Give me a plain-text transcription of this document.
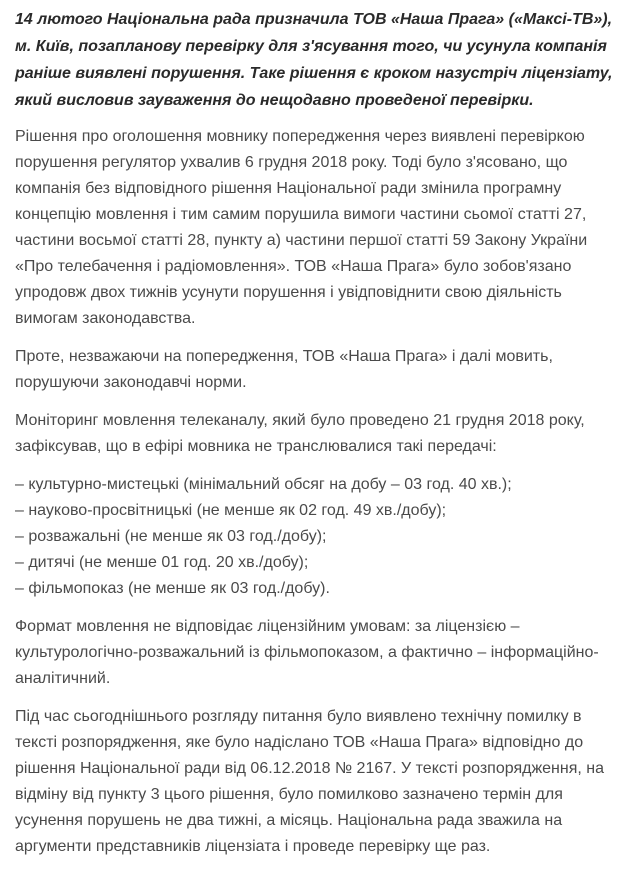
14 лютого Національна рада призначила ТОВ «Наша Прага» («Максі-ТВ»), м. Київ, позапланову перевірку для з'ясування того, чи усунула компанія раніше виявлені порушення. Таке рішення є кроком назустріч ліцензіату, який висловив зауваження до нещодавно проведеної перевірки.

Рішення про оголошення мовнику попередження через виявлені перевіркою порушення регулятор ухвалив 6 грудня 2018 року. Тоді було з'ясовано, що компанія без відповідного рішення Національної ради змінила програмну концепцію мовлення і тим самим порушила вимоги частини сьомої статті 27, частини восьмої статті 28, пункту а) частини першої статті 59 Закону України «Про телебачення і радіомовлення». ТОВ «Наша Прага» було зобов'язано упродовж двох тижнів усунути порушення і увідповіднити свою діяльність вимогам законодавства.

Проте, незважаючи на попередження, ТОВ «Наша Прага» і далі мовить, порушуючи законодавчі норми.

Моніторинг мовлення телеканалу, який було проведено 21 грудня 2018 року, зафіксував, що в ефірі мовника не транслювалися такі передачі:

– культурно-мистецькі (мінімальний обсяг на добу – 03 год. 40 хв.);
– науково-просвітницькі (не менше як 02 год. 49 хв./добу);
– розважальні (не менше як 03 год./добу);
– дитячі (не менше 01 год. 20 хв./добу);
– фільмопоказ (не менше як 03 год./добу).

Формат мовлення не відповідає ліцензійним умовам: за ліцензією – культурологічно-розважальний із фільмопоказом, а фактично – інформаційно-аналітичний.

Під час сьогоднішнього розгляду питання було виявлено технічну помилку в тексті розпорядження, яке було надіслано ТОВ «Наша Прага» відповідно до рішення Національної ради від 06.12.2018 № 2167. У тексті розпорядження, на відміну від пункту 3 цього рішення, було помилково зазначено термін для усунення порушень не два тижні, а місяць. Національна рада зважила на аргументи представників ліцензіата і проведе перевірку ще раз.
